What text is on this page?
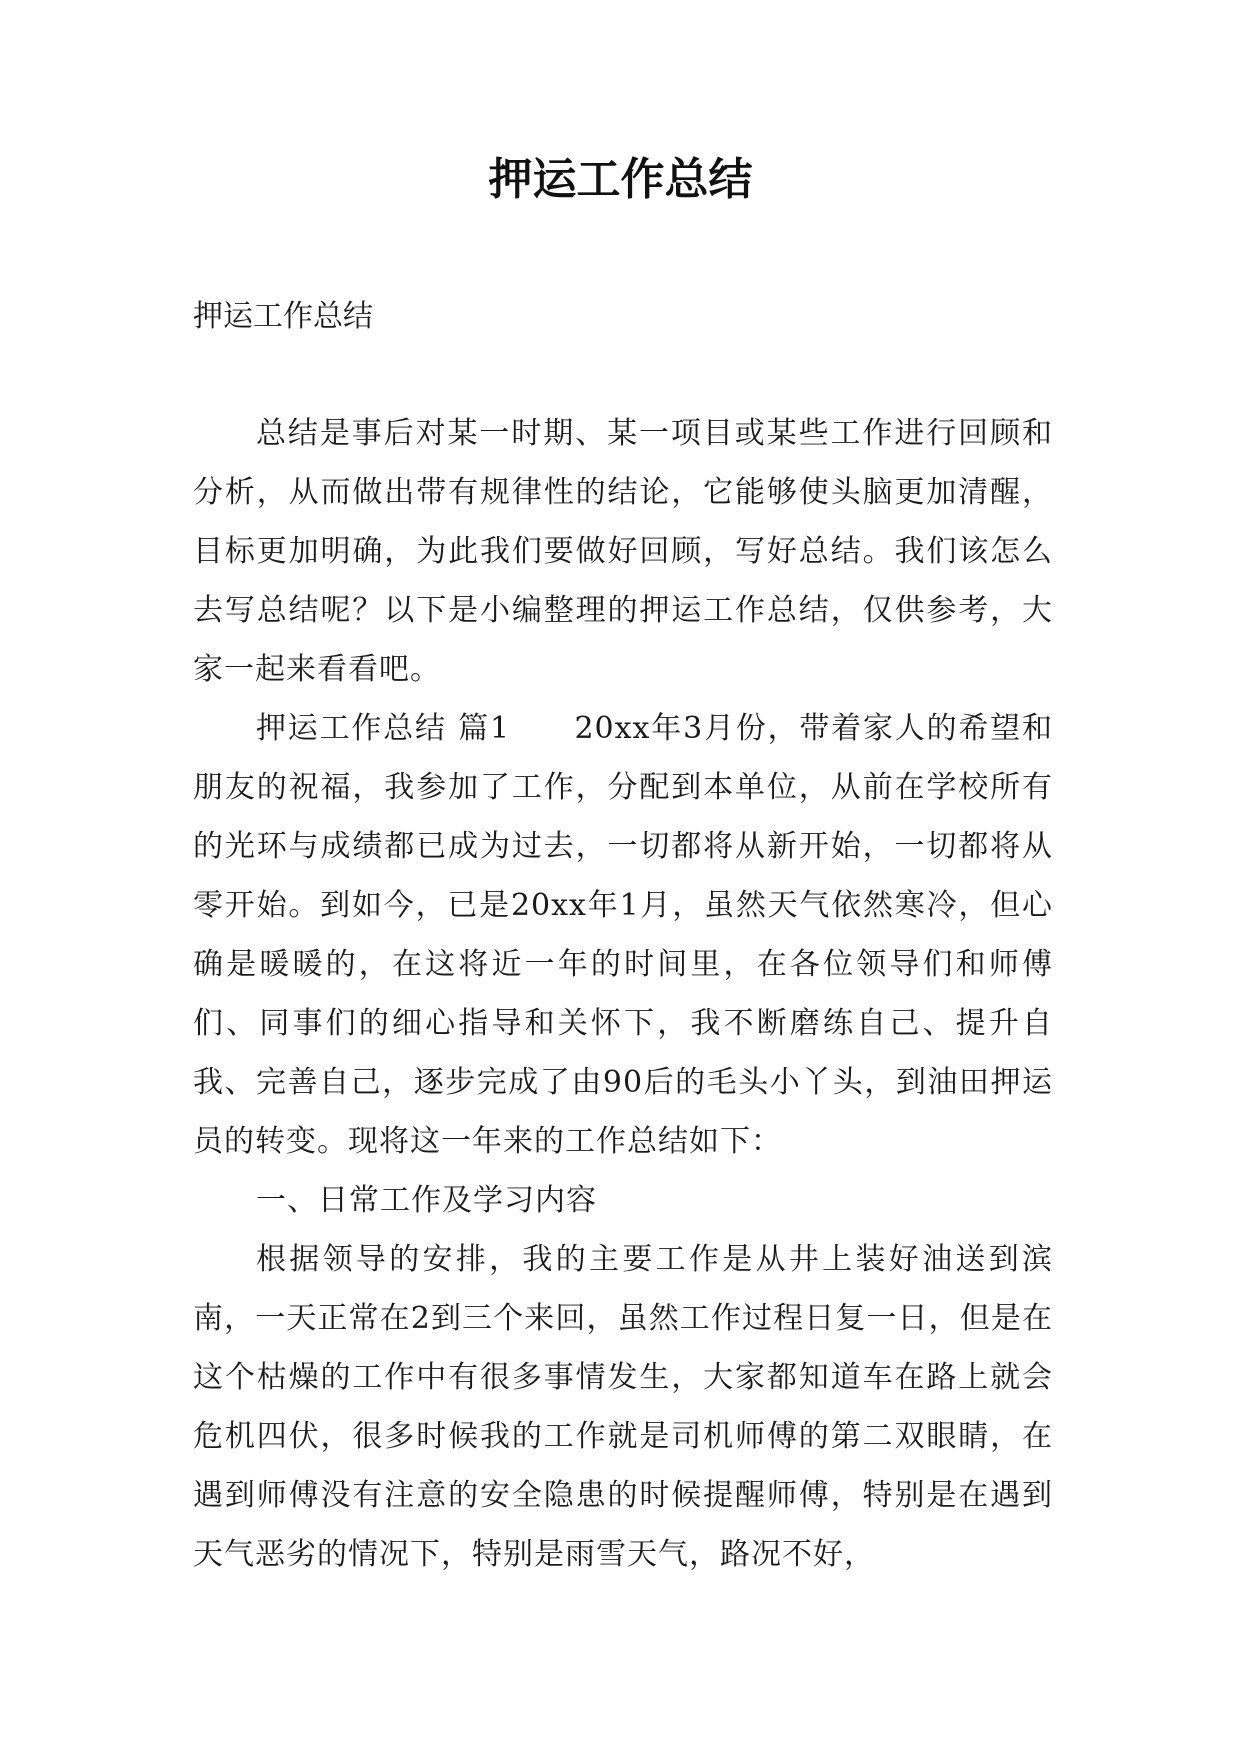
押运工作总结
押运工作总结

总结是事后对某一时期、某一项目或某些工作进行回顾和分析，从而做出带有规律性的结论，它能够使头脑更加清醒，目标更加明确，为此我们要做好回顾，写好总结。我们该怎么去写总结呢？以下是小编整理的押运工作总结，仅供参考，大家一起来看看吧。

押运工作总结 篇1　　20xx年3月份，带着家人的希望和朋友的祝福，我参加了工作，分配到本单位，从前在学校所有的光环与成绩都已成为过去，一切都将从新开始，一切都将从零开始。到如今，已是20xx年1月，虽然天气依然寒冷，但心确是暖暖的，在这将近一年的时间里，在各位领导们和师傅们、同事们的细心指导和关怀下，我不断磨练自己、提升自我、完善自己，逐步完成了由90后的毛头小丫头，到油田押运员的转变。现将这一年来的工作总结如下：

一、日常工作及学习内容

根据领导的安排，我的主要工作是从井上装好油送到滨南，一天正常在2到三个来回，虽然工作过程日复一日，但是在这个枯燥的工作中有很多事情发生，大家都知道车在路上就会危机四伏，很多时候我的工作就是司机师傅的第二双眼睛，在遇到师傅没有注意的安全隐患的时候提醒师傅，特别是在遇到天气恶劣的情况下，特别是雨雪天气，路况不好，
